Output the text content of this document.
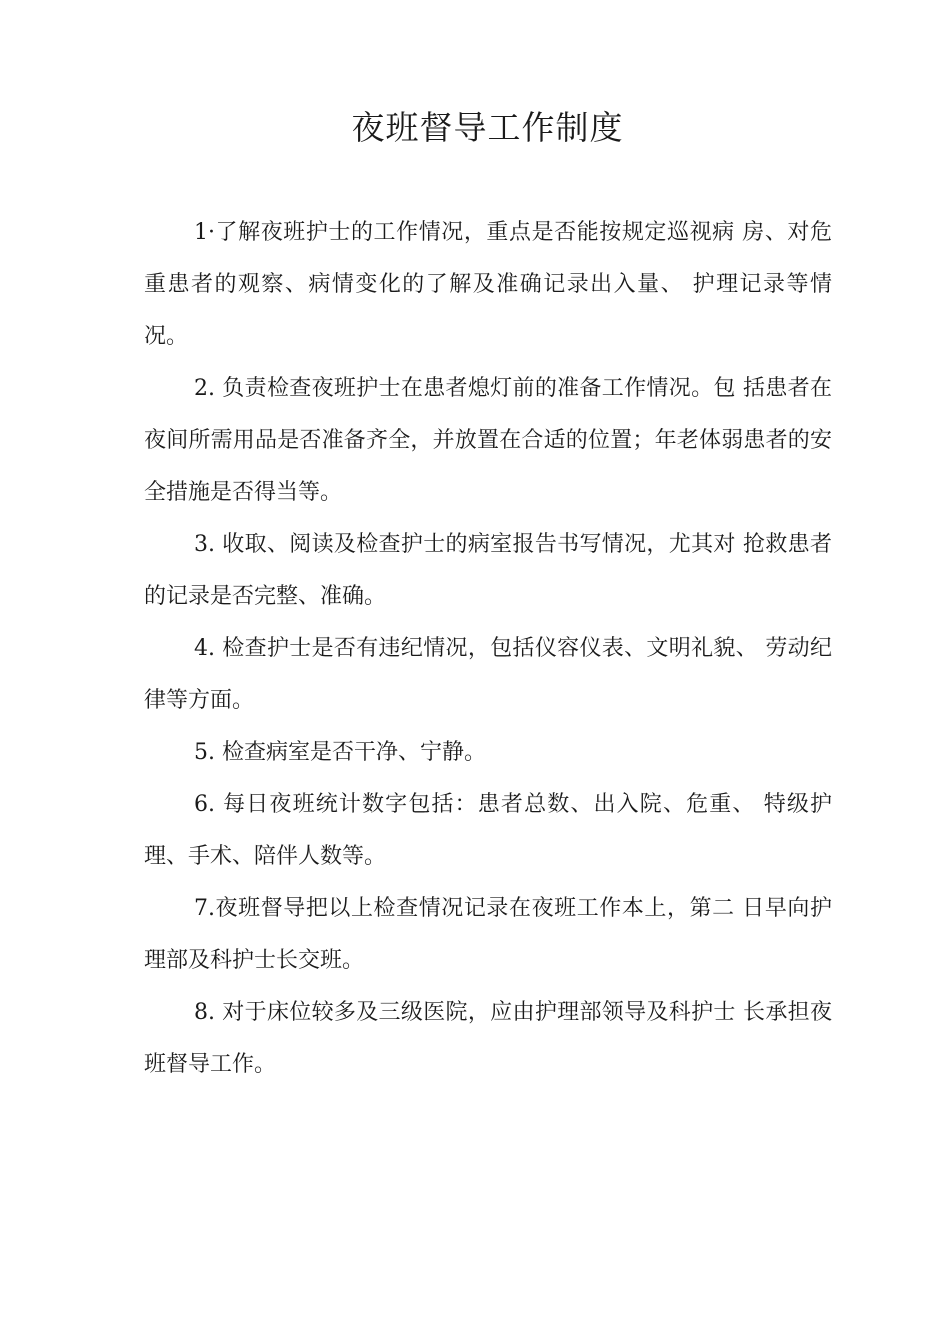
夜班督导工作制度

1·了解夜班护士的工作情况，重点是否能按规定巡视病 房、对危重患者的观察、病情变化的了解及准确记录出入量、 护理记录等情况。

2. 负责检查夜班护士在患者熄灯前的准备工作情况。包 括患者在夜间所需用品是否准备齐全，并放置在合适的位置；年老体弱患者的安全措施是否得当等。

3. 收取、阅读及检查护士的病室报告书写情况，尤其对 抢救患者的记录是否完整、准确。

4. 检查护士是否有违纪情况，包括仪容仪表、文明礼貌、 劳动纪律等方面。

5. 检查病室是否干净、宁静。

6. 每日夜班统计数字包括：患者总数、出入院、危重、 特级护理、手术、陪伴人数等。

7.夜班督导把以上检查情况记录在夜班工作本上，第二 日早向护理部及科护士长交班。

8. 对于床位较多及三级医院，应由护理部领导及科护士 长承担夜班督导工作。
